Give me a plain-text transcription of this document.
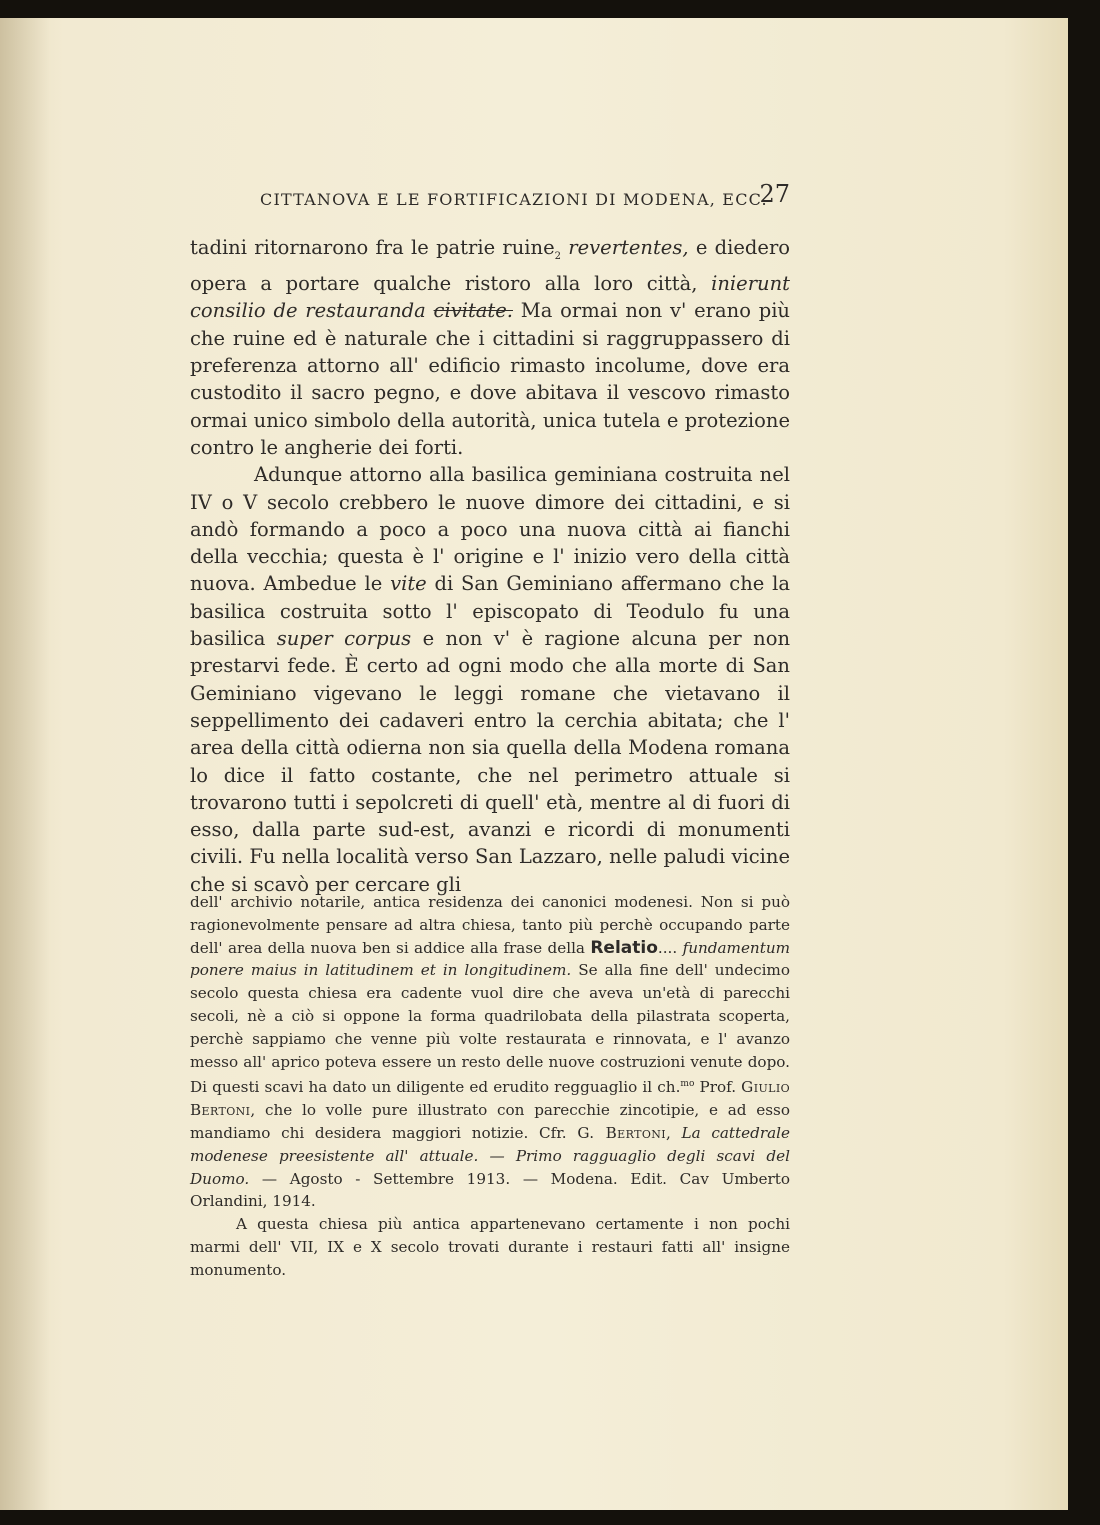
CITTANOVA E LE FORTIFICAZIONI DI MODENA, ECC.
27

tadini ritornarono fra le patrie ruine$_2$ revertentes, e diedero opera a portare qualche ristoro alla loro città, inierunt consilio de restauranda civitate. Ma ormai non v' erano più che ruine ed è naturale che i cittadini si raggruppassero di preferenza attorno all' edificio rimasto incolume, dove era custodito il sacro pegno, e dove abitava il vescovo rimasto ormai unico simbolo della autorità, unica tutela e protezione contro le angherie dei forti.

Adunque attorno alla basilica geminiana costruita nel IV o V secolo crebbero le nuove dimore dei cittadini, e si andò formando a poco a poco una nuova città ai fianchi della vecchia; questa è l' origine e l' inizio vero della città nuova. Ambedue le vite di San Geminiano affermano che la basilica costruita sotto l' episcopato di Teodulo fu una basilica super corpus e non v' è ragione alcuna per non prestarvi fede. È certo ad ogni modo che alla morte di San Geminiano vigevano le leggi romane che vietavano il seppellimento dei cadaveri entro la cerchia abitata; che l' area della città odierna non sia quella della Modena romana lo dice il fatto costante, che nel perimetro attuale si trovarono tutti i sepolcreti di quell' età, mentre al di fuori di esso, dalla parte sud-est, avanzi e ricordi di monumenti civili. Fu nella località verso San Lazzaro, nelle paludi vicine che si scavò per cercare gli

dell' archivio notarile, antica residenza dei canonici modenesi. Non si può ragionevolmente pensare ad altra chiesa, tanto più perchè occupando parte dell' area della nuova ben si addice alla frase della Relatio.... fundamentum ponere maius in latitudinem et in longitudinem. Se alla fine dell' undecimo secolo questa chiesa era cadente vuol dire che aveva un'età di parecchi secoli, nè a ciò si oppone la forma quadrilobata della pilastrata scoperta, perchè sappiamo che venne più volte restaurata e rinnovata, e l' avanzo messo all' aprico poteva essere un resto delle nuove costruzioni venute dopo. Di questi scavi ha dato un diligente ed erudito regguaglio il ch.$^{mo}$ Prof. Giulio Bertoni, che lo volle pure illustrato con parecchie zincotipie, e ad esso mandiamo chi desidera maggiori notizie. Cfr. G. Bertoni, La cattedrale modenese preesistente all' attuale. — Primo ragguaglio degli scavi del Duomo. — Agosto - Settembre 1913. — Modena. Edit. Cav Umberto Orlandini, 1914.

A questa chiesa più antica appartenevano certamente i non pochi marmi dell' VII, IX e X secolo trovati durante i restauri fatti all' insigne monumento.
